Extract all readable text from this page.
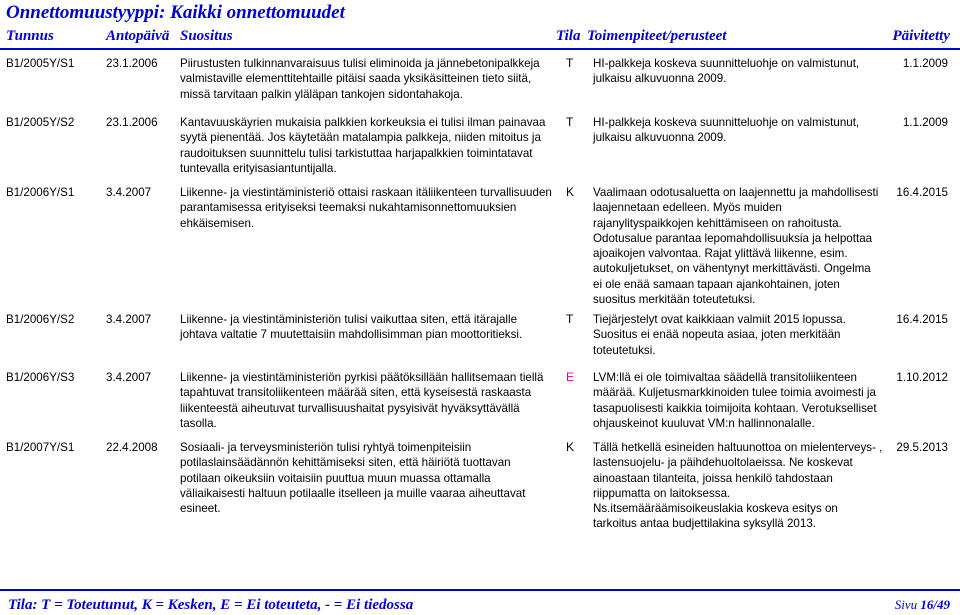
Onnettomuustyyppi: Kaikki onnettomuudet
Tunnus	Antopäivä Suositus	Tila Toimenpiteet/perusteet	Päivitetty
B1/2005Y/S1	23.1.2006 Piirustusten tulkinnanvaraisuus tulisi eliminoida ja jännebetonipalkkeja
valmistaville elementtitehtaille pitäisi saada yksikäsitteinen tieto siitä,
missä tarvitaan palkin yläläpan tankojen sidontahakoja.
T HI-palkkeja koskeva suunnitteluohje on valmistunut,
julkaisu alkuvuonna 2009.
1.1.2009
B1/2005Y/S2	23.1.2006 Kantavuuskäyrien mukaisia palkkien korkeuksia ei tulisi ilman painavaa
syytä pienentää. Jos käytetään matalampia palkkeja, niiden mitoitus ja
raudoituksen suunnittelu tulisi tarkistuttaa harjapalkkien toimintatavat
tuntevalla erityisasiantuntijalla.
T HI-palkkeja koskeva suunnitteluohje on valmistunut,
julkaisu alkuvuonna 2009.
1.1.2009
B1/2006Y/S1	3.4.2007 Liikenne- ja viestintäministeriö ottaisi raskaan itäliikenteen turvallisuuden
parantamisessa erityiseksi teemaksi nukahtamisonnettomuuksien
ehkäisemisen.
K Vaalimaan odotusaluetta on laajennettu ja mahdollisesti
laajennetaan edelleen. Myös muiden
rajanylityspaikkojen kehittämiseen on rahoitusta.
Odotusalue parantaa lepomahdollisuuksia ja helpottaa
ajoaikojen valvontaa. Rajat ylittävä liikenne, esim.
autokuljetukset, on vähentynyt merkittävästi. Ongelma
ei ole enää samaan tapaan ajankohtainen, joten
suositus merkitään toteutetuksi.
16.4.2015
B1/2006Y/S2	3.4.2007 Liikenne- ja viestintäministeriön tulisi vaikuttaa siten, että itärajalle
johtava valtatie 7 muutettaisiin mahdollisimman pian moottoritieksi.
T Tiejärjestelyt ovat kaikkiaan valmiit 2015 lopussa.
Suositus ei enää nopeuta asiaa, joten merkitään
toteutetuksi.
16.4.2015
B1/2006Y/S3	3.4.2007 Liikenne- ja viestintäministeriön pyrkisi päätöksillään hallitsemaan tiellä
tapahtuvat transitoliikenteen määrää siten, että kyseisestä raskaasta
liikenteestä aiheutuvat turvallisuushaitat pysyisivät hyväksyttävällä
tasolla.
E LVM:llä ei ole toimivaltaa säädellä transitoliikenteen
määrää. Kuljetusmarkkinoiden tulee toimia avoimesti ja
tasapuolisesti kaikkia toimijoita kohtaan. Verotukselliset
ohjauskeinot kuuluvat VM:n hallinnonalalle.
1.10.2012
B1/2007Y/S1	22.4.2008 Sosiaali- ja terveysministeriön tulisi ryhtyä toimenpiteisiin
potilaslainsäädännön kehittämiseksi siten, että häiriötä tuottavan
potilaan oikeuksiin voitaisiin puuttua muun muassa ottamalla
väliaikaisesti haltuun potilaalle itselleen ja muille vaaraa aiheuttavat
esineet.
K Tällä hetkellä esineiden haltuunottoa on mielenterveys- ,
lastensuojelu- ja päihdehuoltolaeissa. Ne koskevat
ainoastaan tilanteita, joissa henkilö tahdostaan
riippumatta on laitoksessa.
Ns.itsemääräämisoikeuslakia koskeva esitys on
tarkoitus antaa budjettilakina syksyllä 2013.
29.5.2013
Tila: T = Toteutunut, K = Kesken, E = Ei toteuteta, - = Ei tiedossa	Sivu 16/49
